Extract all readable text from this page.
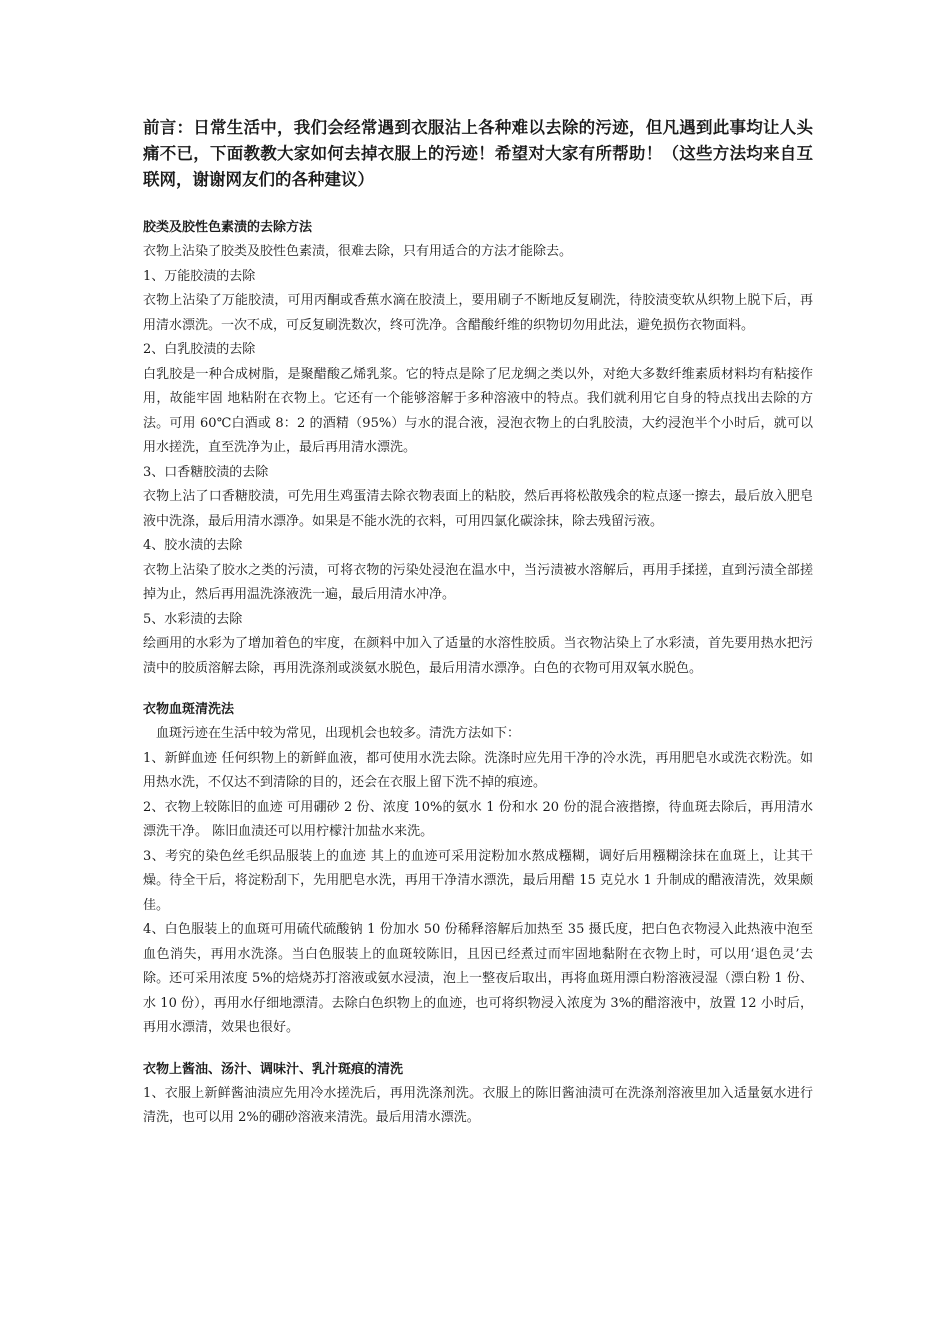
前言：日常生活中，我们会经常遇到衣服沾上各种难以去除的污迹，但凡遇到此事均让人头痛不已，下面教教大家如何去掉衣服上的污迹！希望对大家有所帮助！（这些方法均来自互联网，谢谢网友们的各种建议）

胶类及胶性色素渍的去除方法

衣物上沾染了胶类及胶性色素渍，很难去除，只有用适合的方法才能除去。

1、万能胶渍的去除

衣物上沾染了万能胶渍，可用丙酮或香蕉水滴在胶渍上，要用刷子不断地反复刷洗，待胶渍变软从织物上脱下后，再用清水漂洗。一次不成，可反复刷洗数次，终可洗净。含醋酸纤维的织物切勿用此法，避免损伤衣物面料。

2、白乳胶渍的去除

白乳胶是一种合成树脂，是聚醋酸乙烯乳浆。它的特点是除了尼龙绸之类以外，对绝大多数纤维素质材料均有粘接作用，故能牢固 地粘附在衣物上。它还有一个能够溶解于多种溶液中的特点。我们就利用它自身的特点找出去除的方法。可用 60℃白酒或 8：2 的酒精（95%）与水的混合液，浸泡衣物上的白乳胶渍，大约浸泡半个小时后，就可以用水搓洗，直至洗净为止，最后再用清水漂洗。

3、口香糖胶渍的去除

衣物上沾了口香糖胶渍，可先用生鸡蛋清去除衣物表面上的粘胶，然后再将松散残余的粒点逐一擦去，最后放入肥皂液中洗涤，最后用清水漂净。如果是不能水洗的衣料，可用四氯化碳涂抹，除去残留污液。

4、胶水渍的去除

衣物上沾染了胶水之类的污渍，可将衣物的污染处浸泡在温水中，当污渍被水溶解后，再用手揉搓，直到污渍全部搓掉为止，然后再用温洗涤液洗一遍，最后用清水冲净。

5、水彩渍的去除

绘画用的水彩为了增加着色的牢度，在颜料中加入了适量的水溶性胶质。当衣物沾染上了水彩渍，首先要用热水把污渍中的胶质溶解去除，再用洗涤剂或淡氨水脱色，最后用清水漂净。白色的衣物可用双氧水脱色。

衣物血斑清洗法

血斑污迹在生活中较为常见，出现机会也较多。清洗方法如下：

1、新鲜血迹 任何织物上的新鲜血液，都可使用水洗去除。洗涤时应先用干净的冷水洗，再用肥皂水或洗衣粉洗。如用热水洗，不仅达不到清除的目的，还会在衣服上留下洗不掉的痕迹。

2、衣物上较陈旧的血迹 可用硼砂 2 份、浓度 10%的氨水 1 份和水 20 份的混合液揩擦，待血斑去除后，再用清水漂洗干净。 陈旧血渍还可以用柠檬汁加盐水来洗。

3、考究的染色丝毛织品服装上的血迹 其上的血迹可采用淀粉加水熬成糨糊，调好后用糨糊涂抹在血斑上，让其干燥。待全干后，将淀粉刮下，先用肥皂水洗，再用干净清水漂洗，最后用醋 15 克兑水 1 升制成的醋液清洗，效果颇佳。

4、白色服装上的血斑可用硫代硫酸钠 1 份加水 50 份稀释溶解后加热至 35 摄氏度，把白色衣物浸入此热液中泡至血色消失，再用水洗涤。当白色服装上的血斑较陈旧，且因已经煮过而牢固地黏附在衣物上时，可以用‘退色灵’去除。还可采用浓度 5%的焙烧苏打溶液或氨水浸渍，泡上一整夜后取出，再将血斑用漂白粉溶液浸湿（漂白粉 1 份、水 10 份），再用水仔细地漂清。去除白色织物上的血迹，也可将织物浸入浓度为 3%的醋溶液中，放置 12 小时后，再用水漂清，效果也很好。

衣物上酱油、汤汁、调味汁、乳汁斑痕的清洗

1、衣服上新鲜酱油渍应先用冷水搓洗后，再用洗涤剂洗。衣服上的陈旧酱油渍可在洗涤剂溶液里加入适量氨水进行清洗，也可以用 2%的硼砂溶液来清洗。最后用清水漂洗。
